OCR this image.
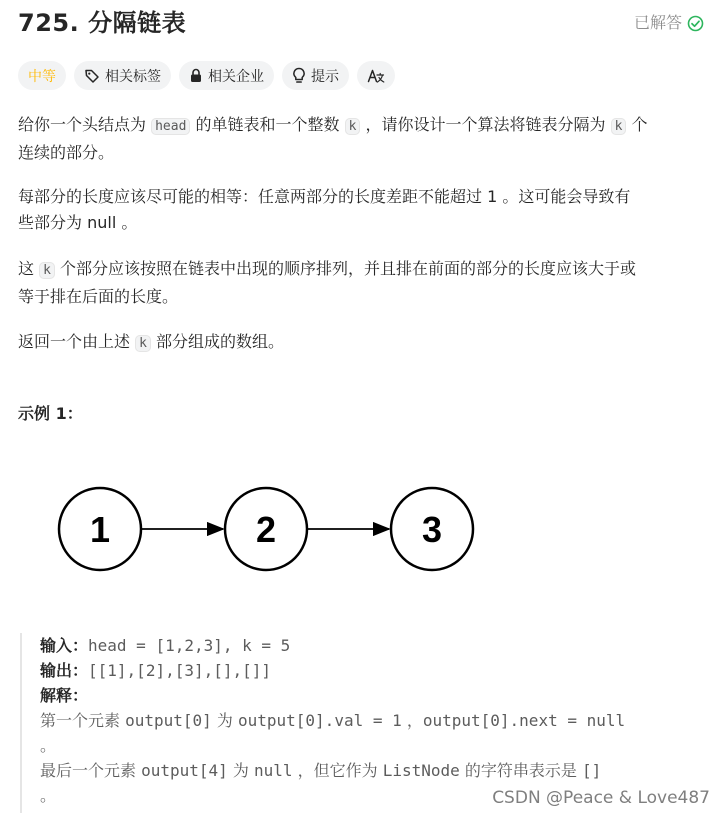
725. 分隔链表	已解答
中等	相关标签	相关企业	提示

给你一个头结点为 head 的单链表和一个整数 k ，请你设计一个算法将链表分隔为 k 个
连续的部分。

每部分的长度应该尽可能的相等：任意两部分的长度差距不能超过 1 。这可能会导致有
些部分为 null 。

这 k 个部分应该按照在链表中出现的顺序排列，并且排在前面的部分的长度应该大于或
等于排在后面的长度。

返回一个由上述 k 部分组成的数组。

示例 1：
1	2	3
输入：head = [1,2,3], k = 5
输出：[[1],[2],[3],[],[]]
解释：
第一个元素 output[0] 为 output[0].val = 1 ，output[0].next = null
。
最后一个元素 output[4] 为 null ，但它作为 ListNode 的字符串表示是 []
。	CSDN @Peace & Love487
